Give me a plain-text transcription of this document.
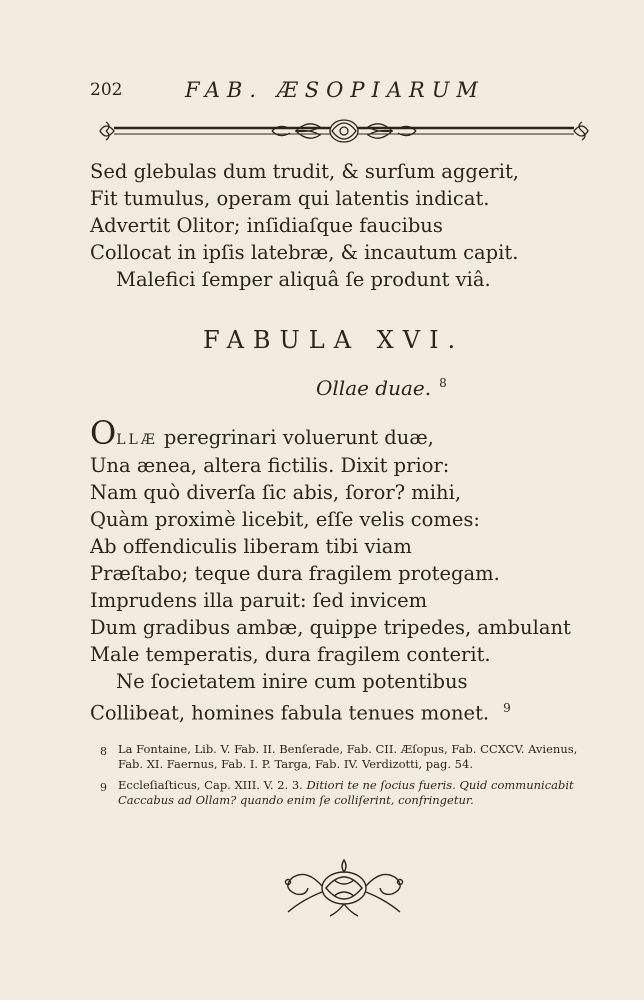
202	FAB. ÆSOPIARUM
Sed glebulas dum trudit, & surſum aggerit,
Fit tumulus, operam qui latentis indicat.
Advertit Olitor; inſidiaſque faucibus
Collocat in ipſis latebræ, & incautum capit.
Malefici ſemper aliquâ ſe produnt viâ.
FABULA XVI.
Ollae duae. $^8$
OLLÆ peregrinari voluerunt duæ,
Una ænea, altera fictilis. Dixit prior:
Nam quò diverſa ſic abis, ſoror? mihi,
Quàm proximè licebit, eſſe velis comes:
Ab offendiculis liberam tibi viam
Præſtabo; teque dura fragilem protegam.
Imprudens illa paruit: ſed invicem
Dum gradibus ambæ, quippe tripedes, ambulant
Male temperatis, dura fragilem conterit.
Ne ſocietatem inire cum potentibus
Collibeat, homines fabula tenues monet. $^9$
8 La Fontaine, Lib. V. Fab. II. Benſerade, Fab. CII. Æſopus, Fab. CCXCV. Avienus, Fab. XI. Faernus, Fab. I. P. Targa, Fab. IV. Verdizotti, pag. 54.
9 Eccleſiaſticus, Cap. XIII. V. 2. 3. Ditiori te ne ſocius fueris. Quid communicabit Caccabus ad Ollam? quando enim ſe colliſerint, confringetur.
